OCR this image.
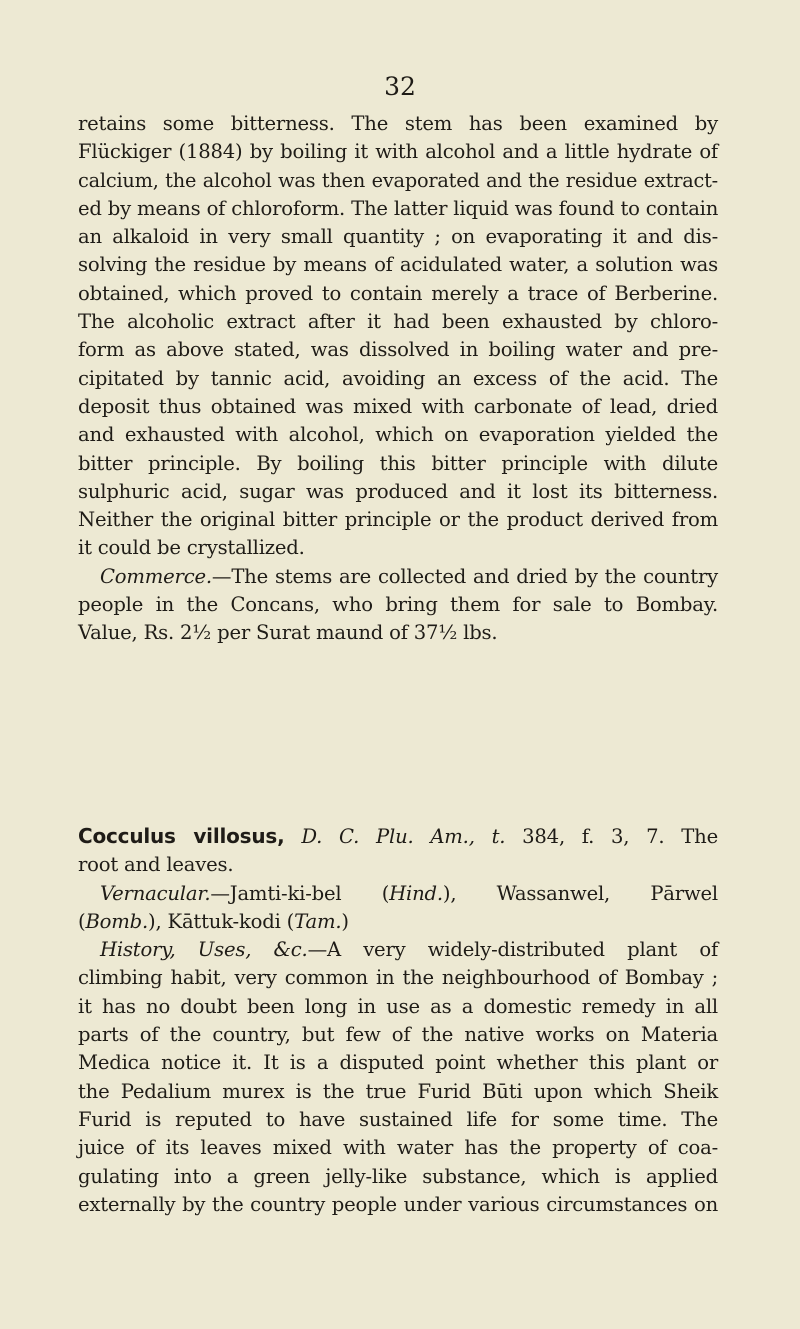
32
retains some bitterness. The stem has been examined by
Flückiger (1884) by boiling it with alcohol and a little hydrate of
calcium, the alcohol was then evaporated and the residue extract-
ed by means of chloroform. The latter liquid was found to contain
an alkaloid in very small quantity ; on evaporating it and dis-
solving the residue by means of acidulated water, a solution was
obtained, which proved to contain merely a trace of Berberine.
The alcoholic extract after it had been exhausted by chloro-
form as above stated, was dissolved in boiling water and pre-
cipitated by tannic acid, avoiding an excess of the acid. The
deposit thus obtained was mixed with carbonate of lead, dried
and exhausted with alcohol, which on evaporation yielded the
bitter principle. By boiling this bitter principle with dilute
sulphuric acid, sugar was produced and it lost its bitterness.
Neither the original bitter principle or the product derived from
it could be crystallized.
Commerce.—The stems are collected and dried by the country
people in the Concans, who bring them for sale to Bombay.
Value, Rs. 2½ per Surat maund of 37½ lbs.
Cocculus villosus, D. C. Plu. Am., t. 384, f. 3, 7. The
root and leaves.
Vernacular.—Jamti-ki-bel (Hind.), Wassanwel, Pārwel
(Bomb.), Kāttuk-kodi (Tam.)
History, Uses, &c.—A very widely-distributed plant of
climbing habit, very common in the neighbourhood of Bombay ;
it has no doubt been long in use as a domestic remedy in all
parts of the country, but few of the native works on Materia
Medica notice it. It is a disputed point whether this plant or
the Pedalium murex is the true Furid Būti upon which Sheik
Furid is reputed to have sustained life for some time. The
juice of its leaves mixed with water has the property of coa-
gulating into a green jelly-like substance, which is applied
externally by the country people under various circumstances on
